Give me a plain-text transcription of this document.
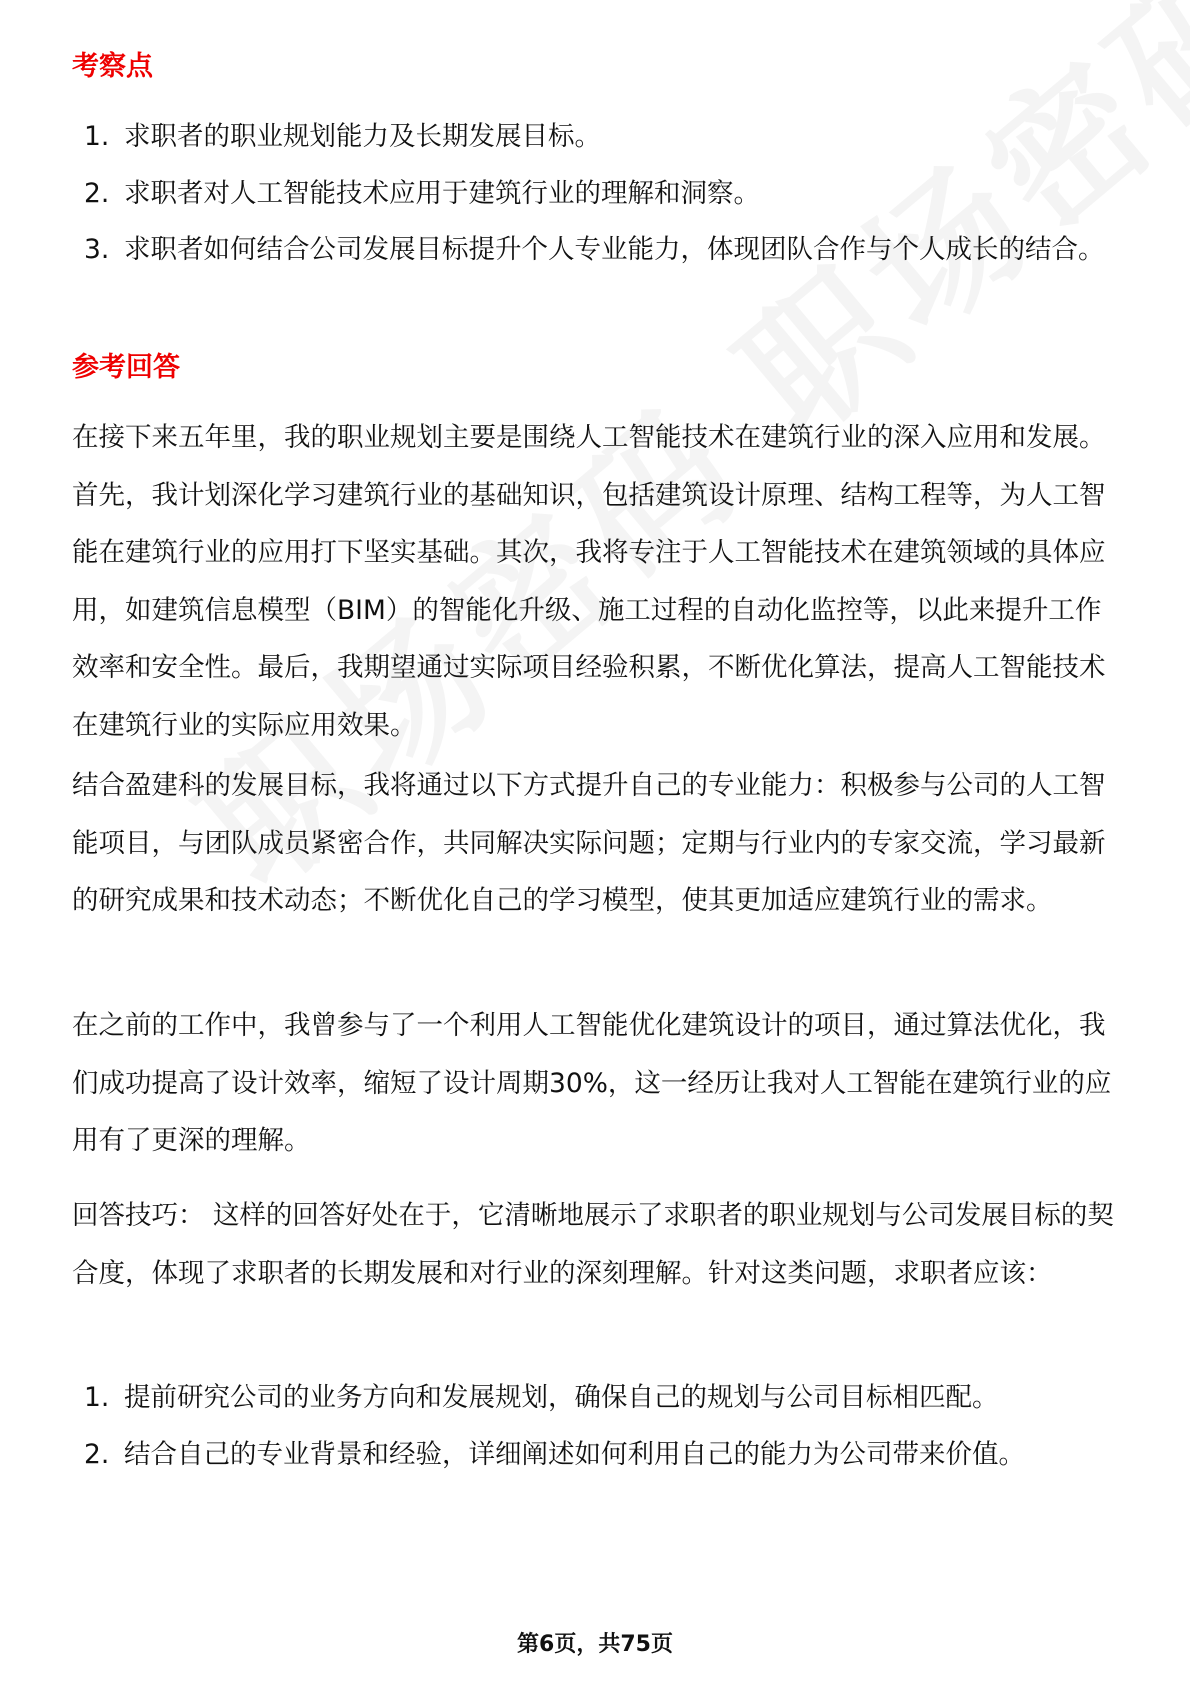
考察点
1. 求职者的职业规划能力及长期发展目标。
2. 求职者对人工智能技术应用于建筑行业的理解和洞察。
3. 求职者如何结合公司发展目标提升个人专业能力，体现团队合作与个人成长的结合。
参考回答
在接下来五年里，我的职业规划主要是围绕人工智能技术在建筑行业的深入应用和发展。首先，我计划深化学习建筑行业的基础知识，包括建筑设计原理、结构工程等，为人工智能在建筑行业的应用打下坚实基础。其次，我将专注于人工智能技术在建筑领域的具体应用，如建筑信息模型（BIM）的智能化升级、施工过程的自动化监控等，以此来提升工作效率和安全性。最后，我期望通过实际项目经验积累，不断优化算法，提高人工智能技术在建筑行业的实际应用效果。
结合盈建科的发展目标，我将通过以下方式提升自己的专业能力：积极参与公司的人工智能项目，与团队成员紧密合作，共同解决实际问题；定期与行业内的专家交流，学习最新的研究成果和技术动态；不断优化自己的学习模型，使其更加适应建筑行业的需求。
在之前的工作中，我曾参与了一个利用人工智能优化建筑设计的项目，通过算法优化，我们成功提高了设计效率，缩短了设计周期30%，这一经历让我对人工智能在建筑行业的应用有了更深的理解。
回答技巧： 这样的回答好处在于，它清晰地展示了求职者的职业规划与公司发展目标的契合度，体现了求职者的长期发展和对行业的深刻理解。针对这类问题，求职者应该：
1. 提前研究公司的业务方向和发展规划，确保自己的规划与公司目标相匹配。
2. 结合自己的专业背景和经验，详细阐述如何利用自己的能力为公司带来价值。
第6页，共75页
